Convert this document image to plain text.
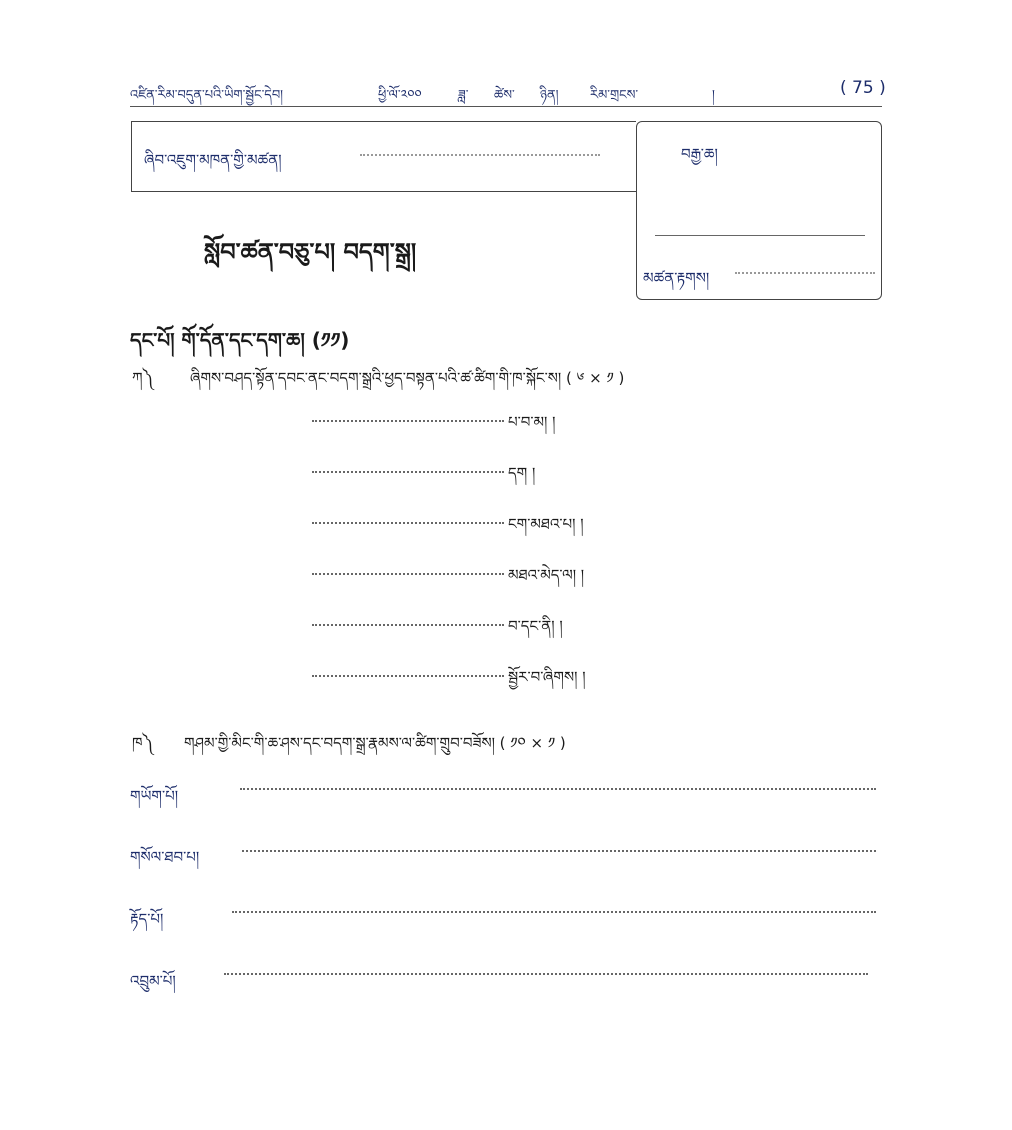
འཛིན་རིམ་བདུན་པའི་ཡིག་སྦྱོང་དེབ།	ཕྱི་ལོ་༢༠༠	ཟླ་ ཚེས་ ཉིན། རིམ་གྲངས་	།	( 75 )
ཞིབ་འཇུག་མཁན་གྱི་མཚན།	བརྒྱ་ཆ།
མཚན་རྟགས།
སློབ་ཚན་བཅུ་པ། བདག་སྒྲ།
དང་པོ། གོ་དོན་དང་དག་ཆ། (༡༡)
ཀ༽ ཞིགས་བཤད་སྟོན་དབང་ནང་བདག་སྒྲའི་ཕྱད་བསྟན་པའི་ཚ་ཚིག་གི་ཁ་སྐོང་ས། ( ༦ × ༡ )
པ་བ་མ། །
དག །
ངག་མཐའ་པ། །
མཐའ་མེད་ལ། །
བ་དང་ནི། །
སྦྱོར་བ་ཞིགས། །
ཁ༽ གཤམ་གྱི་མིང་གི་ཆ་ཤས་དང་བདག་སྒྲ་རྣམས་ལ་ཚིག་གྲུབ་བཟོས། ( ༡༠ × ༡ )
གཡོག་པོ།
གསོལ་ཐབ་པ།
རྟོད་པོ།
འབྲུམ་པོ།
